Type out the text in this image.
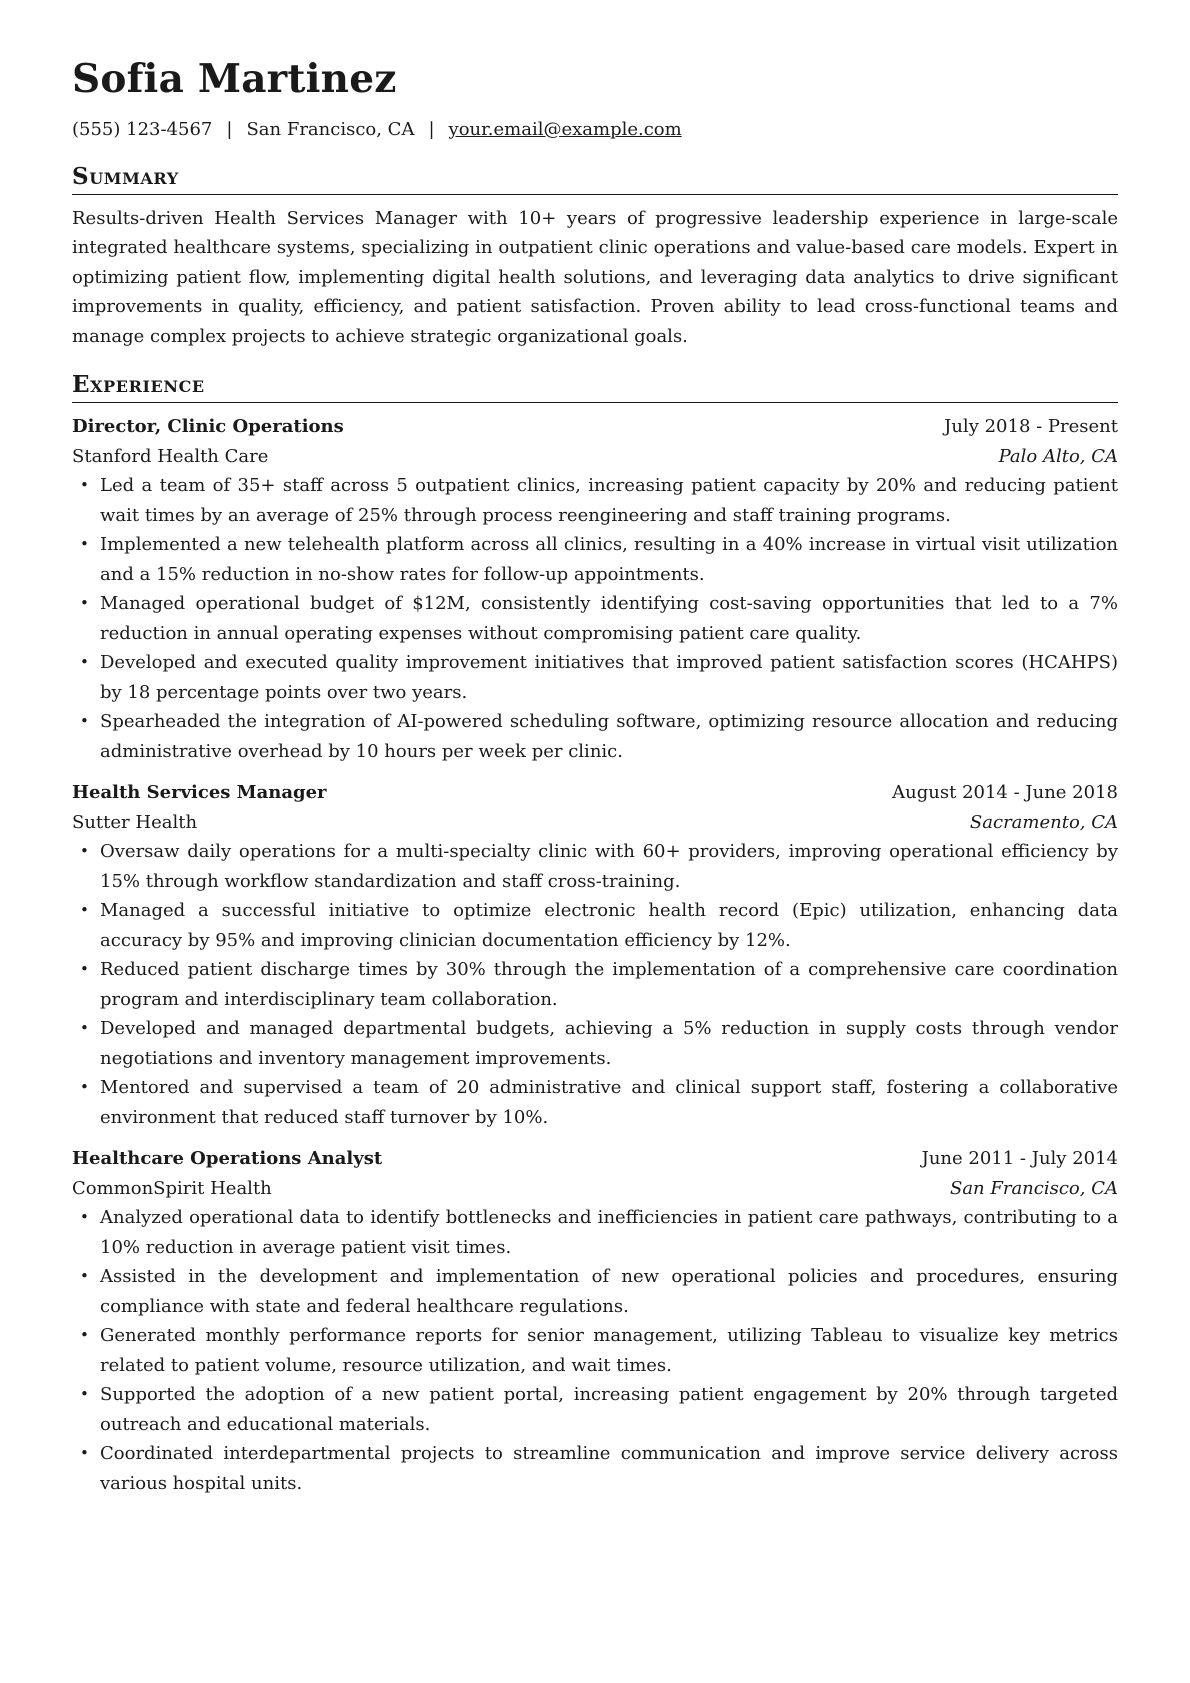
Sofia Martinez
(555) 123-4567 | San Francisco, CA | your.email@example.com
Summary
Results-driven Health Services Manager with 10+ years of progressive leadership experience in large-scale integrated healthcare systems, specializing in outpatient clinic operations and value-based care models. Expert in optimizing patient flow, implementing digital health solutions, and leveraging data analytics to drive significant improvements in quality, efficiency, and patient satisfaction. Proven ability to lead cross-functional teams and manage complex projects to achieve strategic organizational goals.
Experience
Director, Clinic Operations	July 2018 - Present
Stanford Health Care	Palo Alto, CA
• Led a team of 35+ staff across 5 outpatient clinics, increasing patient capacity by 20% and reducing patient wait times by an average of 25% through process reengineering and staff training programs.
• Implemented a new telehealth platform across all clinics, resulting in a 40% increase in virtual visit utilization and a 15% reduction in no-show rates for follow-up appointments.
• Managed operational budget of $12M, consistently identifying cost-saving opportunities that led to a 7% reduction in annual operating expenses without compromising patient care quality.
• Developed and executed quality improvement initiatives that improved patient satisfaction scores (HCAHPS) by 18 percentage points over two years.
• Spearheaded the integration of AI-powered scheduling software, optimizing resource allocation and reducing administrative overhead by 10 hours per week per clinic.
Health Services Manager	August 2014 - June 2018
Sutter Health	Sacramento, CA
• Oversaw daily operations for a multi-specialty clinic with 60+ providers, improving operational efficiency by 15% through workflow standardization and staff cross-training.
• Managed a successful initiative to optimize electronic health record (Epic) utilization, enhancing data accuracy by 95% and improving clinician documentation efficiency by 12%.
• Reduced patient discharge times by 30% through the implementation of a comprehensive care coordination program and interdisciplinary team collaboration.
• Developed and managed departmental budgets, achieving a 5% reduction in supply costs through vendor negotiations and inventory management improvements.
• Mentored and supervised a team of 20 administrative and clinical support staff, fostering a collaborative environment that reduced staff turnover by 10%.
Healthcare Operations Analyst	June 2011 - July 2014
CommonSpirit Health	San Francisco, CA
• Analyzed operational data to identify bottlenecks and inefficiencies in patient care pathways, contributing to a 10% reduction in average patient visit times.
• Assisted in the development and implementation of new operational policies and procedures, ensuring compliance with state and federal healthcare regulations.
• Generated monthly performance reports for senior management, utilizing Tableau to visualize key metrics related to patient volume, resource utilization, and wait times.
• Supported the adoption of a new patient portal, increasing patient engagement by 20% through targeted outreach and educational materials.
• Coordinated interdepartmental projects to streamline communication and improve service delivery across various hospital units.
